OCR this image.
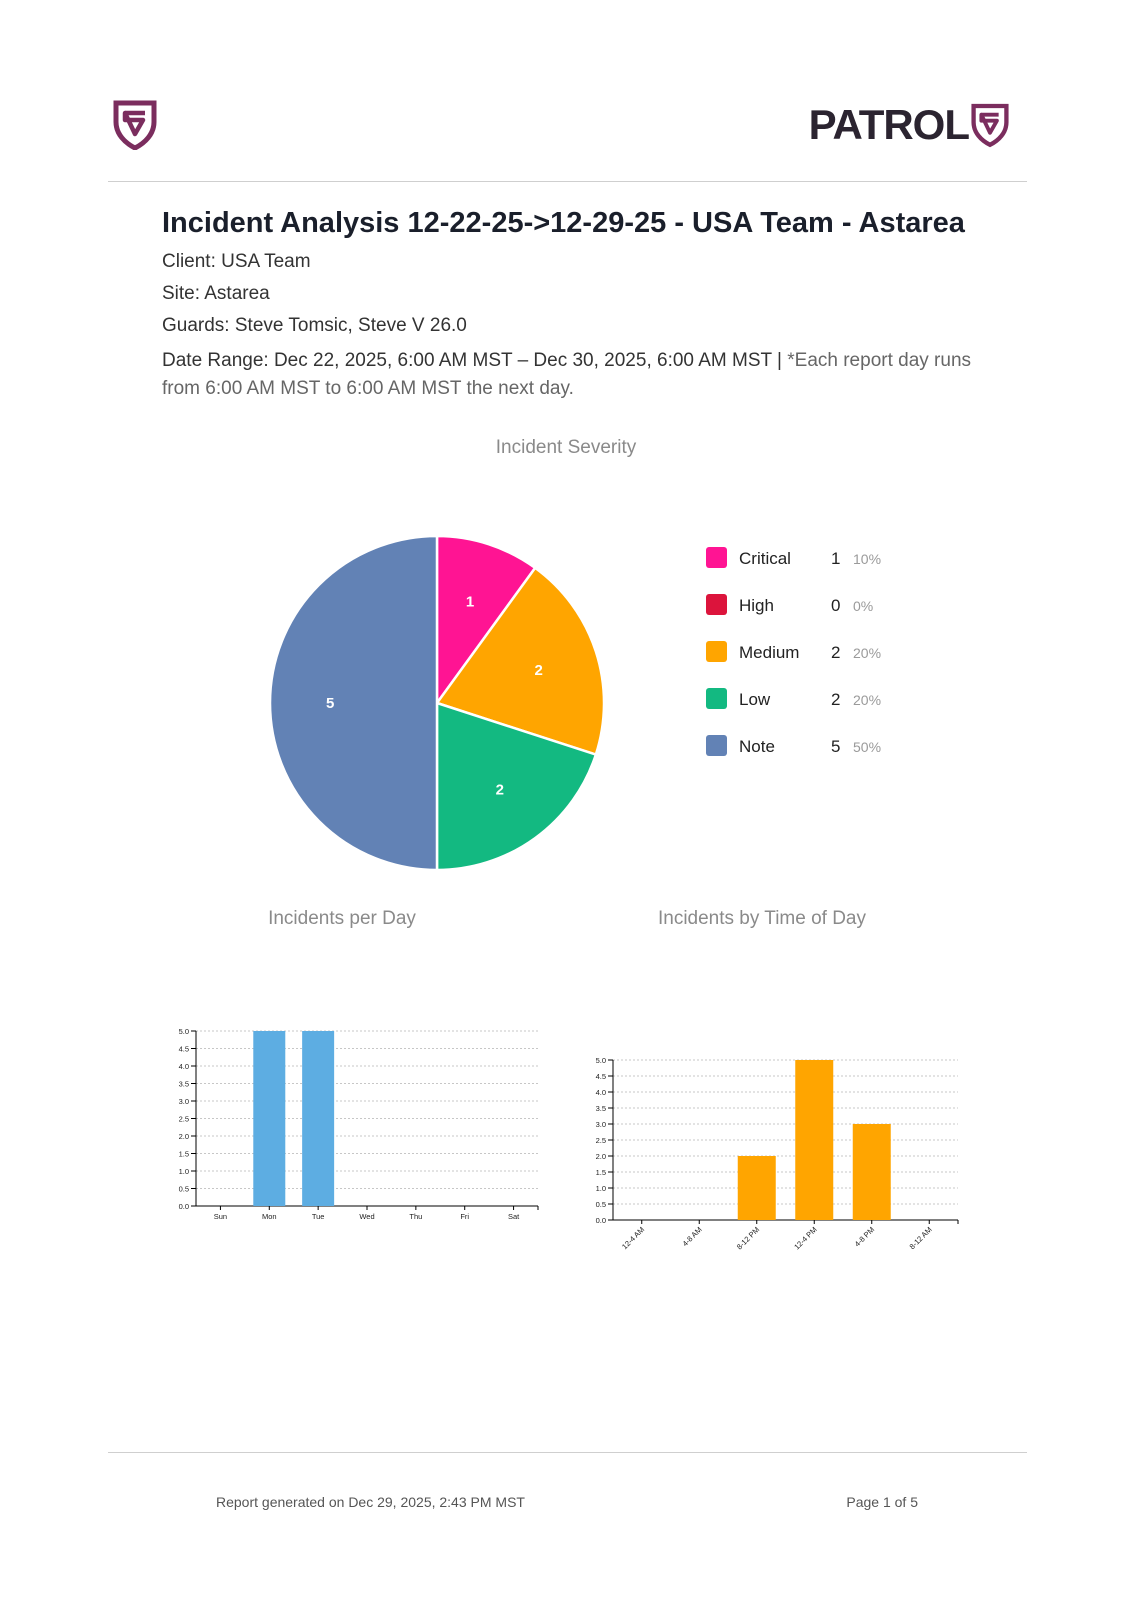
PATROL
Incident Analysis 12-22-25->12-29-25 - USA Team - Astarea
Client: USA Team
Site: Astarea
Guards: Steve Tomsic, Steve V 26.0
Date Range: Dec 22, 2025, 6:00 AM MST – Dec 30, 2025, 6:00 AM MST | *Each report day runs from 6:00 AM MST to 6:00 AM MST the next day.
Incident Severity
1
2
2
5
Critical 1 10%
High	0 0%
Medium 2 20%
Low	2 20%
Note	5 50%
Incidents per Day	Incidents by Time of Day
0.0
0.5
1.0
1.5
2.0
2.5
3.0
3.5
4.0
4.5
5.0
Sun	Mon	Tue	Wed	Thu	Fri	Sat	0.0
0.5
1.0
1.5
2.0
2.5
3.0
3.5
4.0
4.5
5.0
12-4 AM	4-8 AM	8-12 PM	12-4 PM	4-8 PM	8-12 AM
Report generated on Dec 29, 2025, 2:43 PM MST	Page 1 of 5
